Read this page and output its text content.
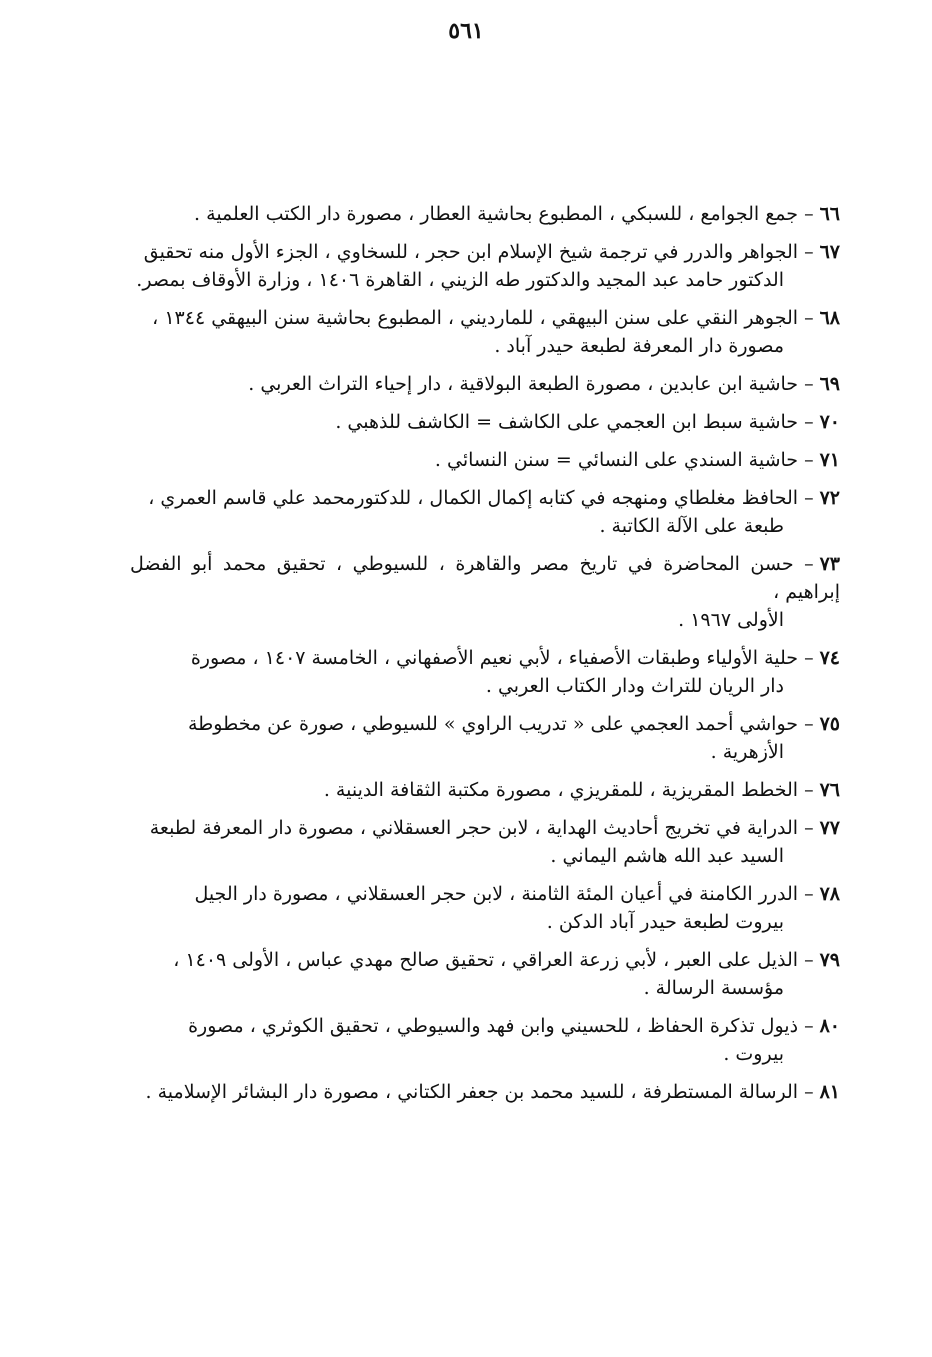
٥٦١
٦٦– جمع الجوامع ، للسبكي ، المطبوع بحاشية العطار ، مصورة دار الكتب العلمية .
٦٧– الجواهر والدرر في ترجمة شيخ الإسلام ابن حجر ، للسخاوي ، الجزء الأول منه تحقيق
الدكتور حامد عبد المجيد والدكتور طه الزيني ، القاهرة ١٤٠٦ ، وزارة الأوقاف بمصر.
٦٨– الجوهر النقي على سنن البيهقي ، للمارديني ، المطبوع بحاشية سنن البيهقي ١٣٤٤ ،
مصورة دار المعرفة لطبعة حيدر آباد .
٦٩– حاشية ابن عابدين ، مصورة الطبعة البولاقية ، دار إحياء التراث العربي .
٧٠– حاشية سبط ابن العجمي على الكاشف = الكاشف للذهبي .
٧١– حاشية السندي على النسائي = سنن النسائي .
٧٢– الحافظ مغلطاي ومنهجه في كتابه إكمال الكمال ، للدكتورمحمد علي قاسم العمري ،
طبعة على الآلة الكاتبة .
٧٣– حسن المحاضرة في تاريخ مصر والقاهرة ، للسيوطي ، تحقيق محمد أبو الفضل إبراهيم ،
الأولى ١٩٦٧ .
٧٤– حلية الأولياء وطبقات الأصفياء ، لأبي نعيم الأصفهاني ، الخامسة ١٤٠٧ ، مصورة
دار الريان للتراث ودار الكتاب العربي .
٧٥– حواشي أحمد العجمي على « تدريب الراوي » للسيوطي ، صورة عن مخطوطة
الأزهرية .
٧٦– الخطط المقريزية ، للمقريزي ، مصورة مكتبة الثقافة الدينية .
٧٧– الدراية في تخريج أحاديث الهداية ، لابن حجر العسقلاني ، مصورة دار المعرفة لطبعة
السيد عبد الله هاشم اليماني .
٧٨– الدرر الكامنة في أعيان المئة الثامنة ، لابن حجر العسقلاني ، مصورة دار الجيل
بيروت لطبعة حيدر آباد الدكن .
٧٩– الذيل على العبر ، لأبي زرعة العراقي ، تحقيق صالح مهدي عباس ، الأولى ١٤٠٩ ،
مؤسسة الرسالة .
٨٠– ذيول تذكرة الحفاظ ، للحسيني وابن فهد والسيوطي ، تحقيق الكوثري ، مصورة
بيروت .
٨١– الرسالة المستطرفة ، للسيد محمد بن جعفر الكتاني ، مصورة دار البشائر الإسلامية .
